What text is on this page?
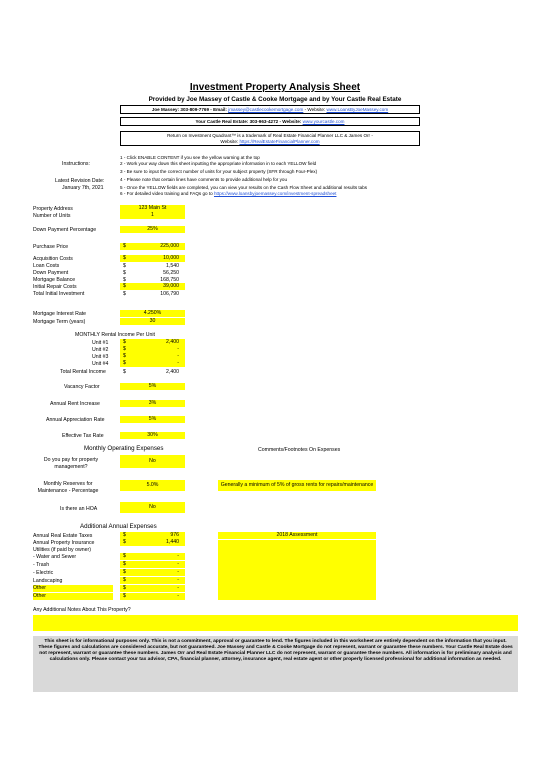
Investment Property Analysis Sheet
Provided by Joe Massey of Castle & Cooke Mortgage and by Your Castle Real Estate
Joe Massey: 303-809-7769 - Email: jmassey@castlecookemortgage.com - Website: www.LoansByJoeMassey.com
Your Castle Real Estate: 303-963-4272 - Website: www.yourcastle.com
Return on Investment Quadrant™ is a trademark of Real Estate Financial Planner LLC & James Orr -
Website: https://RealEstateFinancialPlanner.com
Instructions:
Latest Revision Date:
January 7th, 2021
1 - Click ENABLE CONTENT if you see the yellow warning at the top
2 - Work your way down this sheet inputting the appropriate information in to each YELLOW field
3 - Be sure to input the correct number of units for your subject property (SFR through Four-Plex)
4 - Please note that certain lines have comments to provide additional help for you
5 - Once the YELLOW fields are completed, you can view your results on the Cash Flow Sheet and additional results tabs
6 - For detailed video training and FAQs go to https://www.loansbyjoemassey.com/investment-spreadsheet
Property Address	123 Main St
Number of Units	1
Down Payment Percentage	25%
Purchase Price	$	225,000
Acquisition Costs	$	10,000
Loan Costs	$	1,540
Down Payment	$	56,250
Mortgage Balance	$	168,750
Initial Repair Costs	$	39,000
Total Initial Investment	$	106,790
Mortgage Interest Rate	4.250%
Mortgage Term (years)	30
MONTHLY Rental Income Per Unit
Unit #1	$	2,400
Unit #2	$	-
Unit #3	$	-
Unit #4	$	-
Total Rental Income	$	2,400
Vacancy Factor	5%
Annual Rent Increase	3%
Annual Appreciation Rate	5%
Effective Tax Rate	30%
Monthly Operating Expenses	Comments/Footnotes On Expenses
Do you pay for property management?
No
Monthly Reserves for Maintenance - Percentage
5.0%	Generally a minimum of 5% of gross rents for repairs/maintenance
Is there an HOA	No
Additional Annual Expenses
Annual Real Estate Taxes	$	976	2018 Assessment
Annual Property Insurance	$	1,440
Utilities (if paid by owner)
- Water and Sewer	$	-
- Trash	$	-
- Electric	$	-
Landscaping	$	-
Other	$	-
Other	$	-
Any Additional Notes About This Property?
This sheet is for informational purposes only. This is not a commitment, approval or guarantee to lend. The figures included in this worksheet are entirely dependent on the information that you input. These figures and calculations are considered accurate, but not guaranteed. Joe Massey and Castle & Cooke Mortgage do not represent, warrant or guarantee these numbers. Your Castle Real Estate does not represent, warrant or guarantee these numbers. James Orr and Real Estate Financial Planner LLC do not represent, warrant or guarantee these numbers. All information is for preliminary analysis and calculations only. Please contact your tax advisor, CPA, financial planner, attorney, insurance agent, real estate agent or other properly licensed professional for additional information as needed.
